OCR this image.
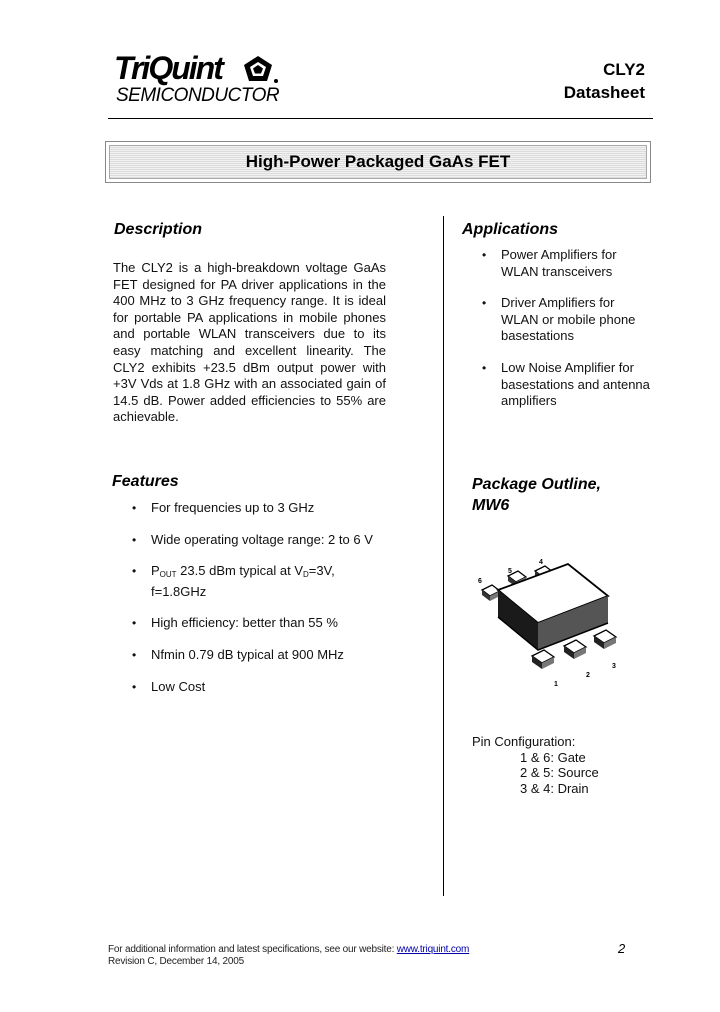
TriQuint
SEMICONDUCTOR
CLY2
Datasheet
High-Power Packaged GaAs FET
Description
The CLY2 is a high-breakdown voltage GaAs FET designed for PA driver applications in the 400 MHz to 3 GHz frequency range. It is ideal for portable PA applications in mobile phones and portable WLAN transceivers due to its easy matching and excellent linearity. The CLY2 exhibits +23.5 dBm output power with +3V Vds at 1.8 GHz with an associated gain of 14.5 dB. Power added efficiencies to 55% are achievable.
Applications
• Power Amplifiers for WLAN transceivers
• Driver Amplifiers for WLAN or mobile phone basestations
• Low Noise Amplifier for basestations and antenna amplifiers
Features
• For frequencies up to 3 GHz
• Wide operating voltage range: 2 to 6 V
• POUT 23.5 dBm typical at VD=3V,
f=1.8GHz
• High efficiency: better than 55 %
• Nfmin 0.79 dB typical at 900 MHz
• Low Cost
Package Outline,
MW6
6
5
4
1
2
3
Pin Configuration:
1 & 6: Gate
2 & 5: Source
3 & 4: Drain
For additional information and latest specifications, see our website: www.triquint.com
Revision C, December 14, 2005
2
